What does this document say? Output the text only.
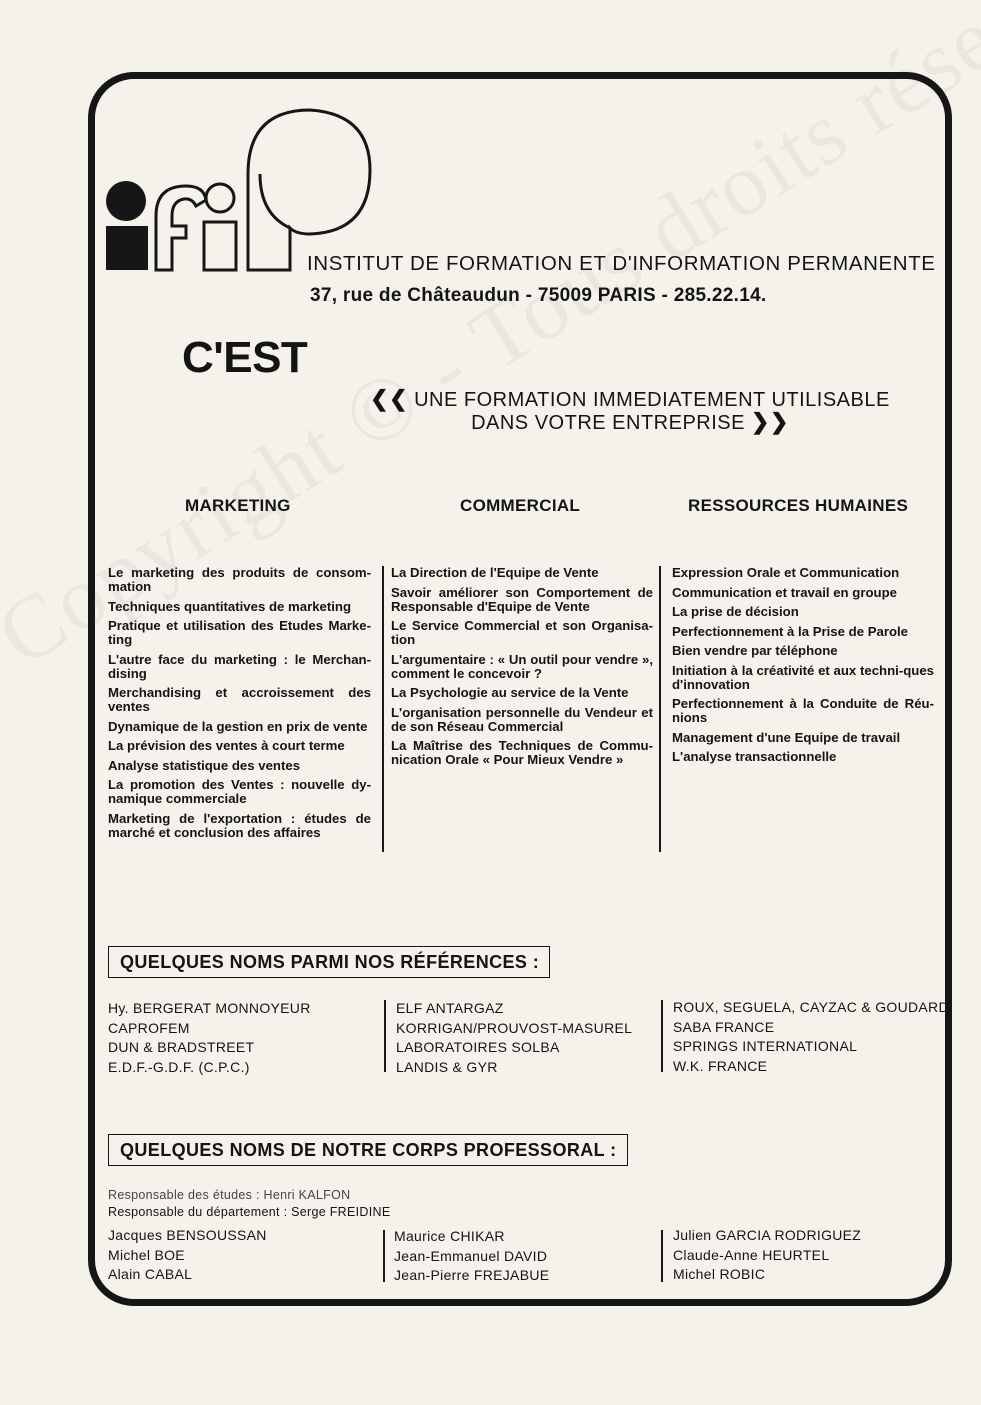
INSTITUT DE FORMATION ET D'INFORMATION PERMANENTE
37, rue de Châteaudun - 75009 PARIS - 285.22.14.
C'EST
❮❮ UNE FORMATION IMMEDIATEMENT UTILISABLE
DANS VOTRE ENTREPRISE ❯❯
MARKETING	COMMERCIAL	RESSOURCES HUMAINES
Le marketing des produits de consom-mation
Techniques quantitatives de marketing
Pratique et utilisation des Etudes Marke-ting
L'autre face du marketing : le Merchan-dising
Merchandising et accroissement des ventes
Dynamique de la gestion en prix de vente
La prévision des ventes à court terme
Analyse statistique des ventes
La promotion des Ventes : nouvelle dy-namique commerciale
Marketing de l'exportation : études de marché et conclusion des affaires
La Direction de l'Equipe de Vente
Savoir améliorer son Comportement de Responsable d'Equipe de Vente
Le Service Commercial et son Organisa-tion
L'argumentaire : « Un outil pour vendre », comment le concevoir ?
La Psychologie au service de la Vente
L'organisation personnelle du Vendeur et de son Réseau Commercial
La Maîtrise des Techniques de Commu-nication Orale « Pour Mieux Vendre »
Expression Orale et Communication
Communication et travail en groupe
La prise de décision
Perfectionnement à la Prise de Parole
Bien vendre par téléphone
Initiation à la créativité et aux techni-ques d'innovation
Perfectionnement à la Conduite de Réu-nions
Management d'une Equipe de travail
L'analyse transactionnelle
QUELQUES NOMS PARMI NOS RÉFÉRENCES :
Hy. BERGERAT MONNOYEUR
CAPROFEM
DUN & BRADSTREET
E.D.F.-G.D.F. (C.P.C.)
ELF ANTARGAZ
KORRIGAN/PROUVOST-MASUREL
LABORATOIRES SOLBA
LANDIS & GYR
ROUX, SEGUELA, CAYZAC & GOUDARD
SABA FRANCE
SPRINGS INTERNATIONAL
W.K. FRANCE
QUELQUES NOMS DE NOTRE CORPS PROFESSORAL :
Responsable des études : Henri KALFON
Responsable du département : Serge FREIDINE
Jacques BENSOUSSAN
Michel BOE
Alain CABAL
Maurice CHIKAR
Jean-Emmanuel DAVID
Jean-Pierre FREJABUE
Julien GARCIA RODRIGUEZ
Claude-Anne HEURTEL
Michel ROBIC
